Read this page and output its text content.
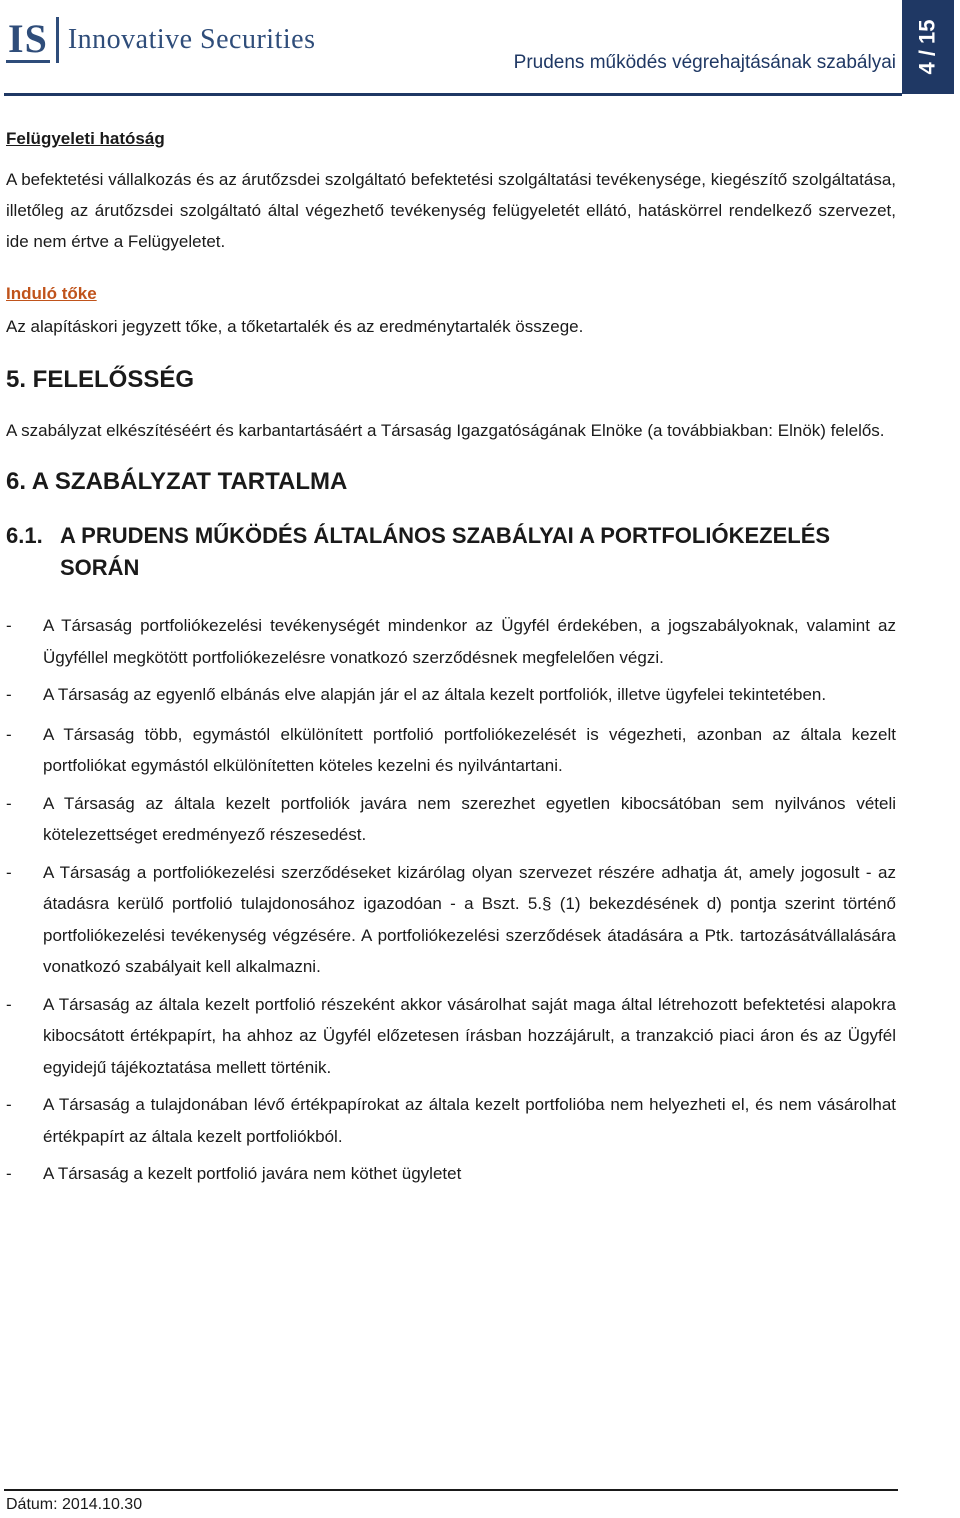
IS Innovative Securities
Prudens működés végrehajtásának szabályai 4 / 15

Felügyeleti hatóság

A befektetési vállalkozás és az árutőzsdei szolgáltató befektetési szolgáltatási tevékenysége, kiegészítő szolgáltatása, illetőleg az árutőzsdei szolgáltató által végezhető tevékenység felügyeletét ellátó, hatáskörrel rendelkező szervezet, ide nem értve a Felügyeletet.

Induló tőke

Az alapításkori jegyzett tőke, a tőketartalék és az eredménytartalék összege.

5. FELELŐSSÉG

A szabályzat elkészítéséért és karbantartásáért a Társaság Igazgatóságának Elnöke (a továbbiakban: Elnök) felelős.

6. A SZABÁLYZAT TARTALMA

6.1. A PRUDENS MŰKÖDÉS ÁLTALÁNOS SZABÁLYAI A PORTFOLIÓKEZELÉS SORÁN
- A Társaság portfoliókezelési tevékenységét mindenkor az Ügyfél érdekében, a jogszabályoknak, valamint az Ügyféllel megkötött portfoliókezelésre vonatkozó szerződésnek megfelelően végzi.
- A Társaság az egyenlő elbánás elve alapján jár el az általa kezelt portfoliók, illetve ügyfelei tekintetében.
- A Társaság több, egymástól elkülönített portfolió portfoliókezelését is végezheti, azonban az általa kezelt portfoliókat egymástól elkülönítetten köteles kezelni és nyilvántartani.
- A Társaság az általa kezelt portfoliók javára nem szerezhet egyetlen kibocsátóban sem nyilvános vételi kötelezettséget eredményező részesedést.
- A Társaság a portfoliókezelési szerződéseket kizárólag olyan szervezet részére adhatja át, amely jogosult - az átadásra kerülő portfolió tulajdonosához igazodóan - a Bszt. 5.§ (1) bekezdésének d) pontja szerint történő portfoliókezelési tevékenység végzésére. A portfoliókezelési szerződések átadására a Ptk. tartozásátvállalására vonatkozó szabályait kell alkalmazni.
- A Társaság az általa kezelt portfolió részeként akkor vásárolhat saját maga által létrehozott befektetési alapokra kibocsátott értékpapírt, ha ahhoz az Ügyfél előzetesen írásban hozzájárult, a tranzakció piaci áron és az Ügyfél egyidejű tájékoztatása mellett történik.
- A Társaság a tulajdonában lévő értékpapírokat az általa kezelt portfolióba nem helyezheti el, és nem vásárolhat értékpapírt az általa kezelt portfoliókból.
- A Társaság a kezelt portfolió javára nem köthet ügyletet
Dátum: 2014.10.30
